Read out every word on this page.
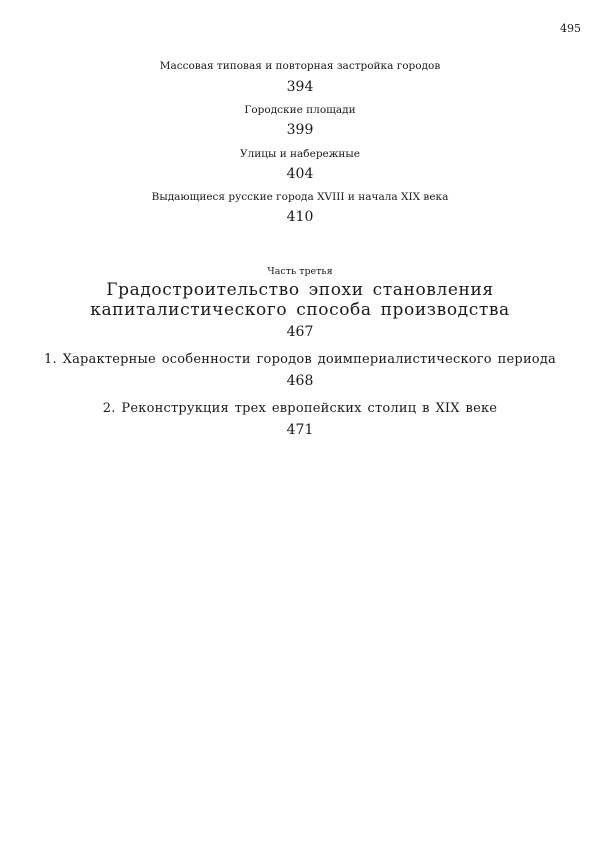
495
Массовая типовая и повторная застройка городов
394
Городские площади
399
Улицы и набережные
404
Выдающиеся русские города XVIII и начала XIX века
410
Часть третья
Градостроительство эпохи становления
капиталистического способа производства
467
1. Характерные особенности городов доимпериалистического периода
468
2. Реконструкция трех европейских столиц в XIX веке
471
